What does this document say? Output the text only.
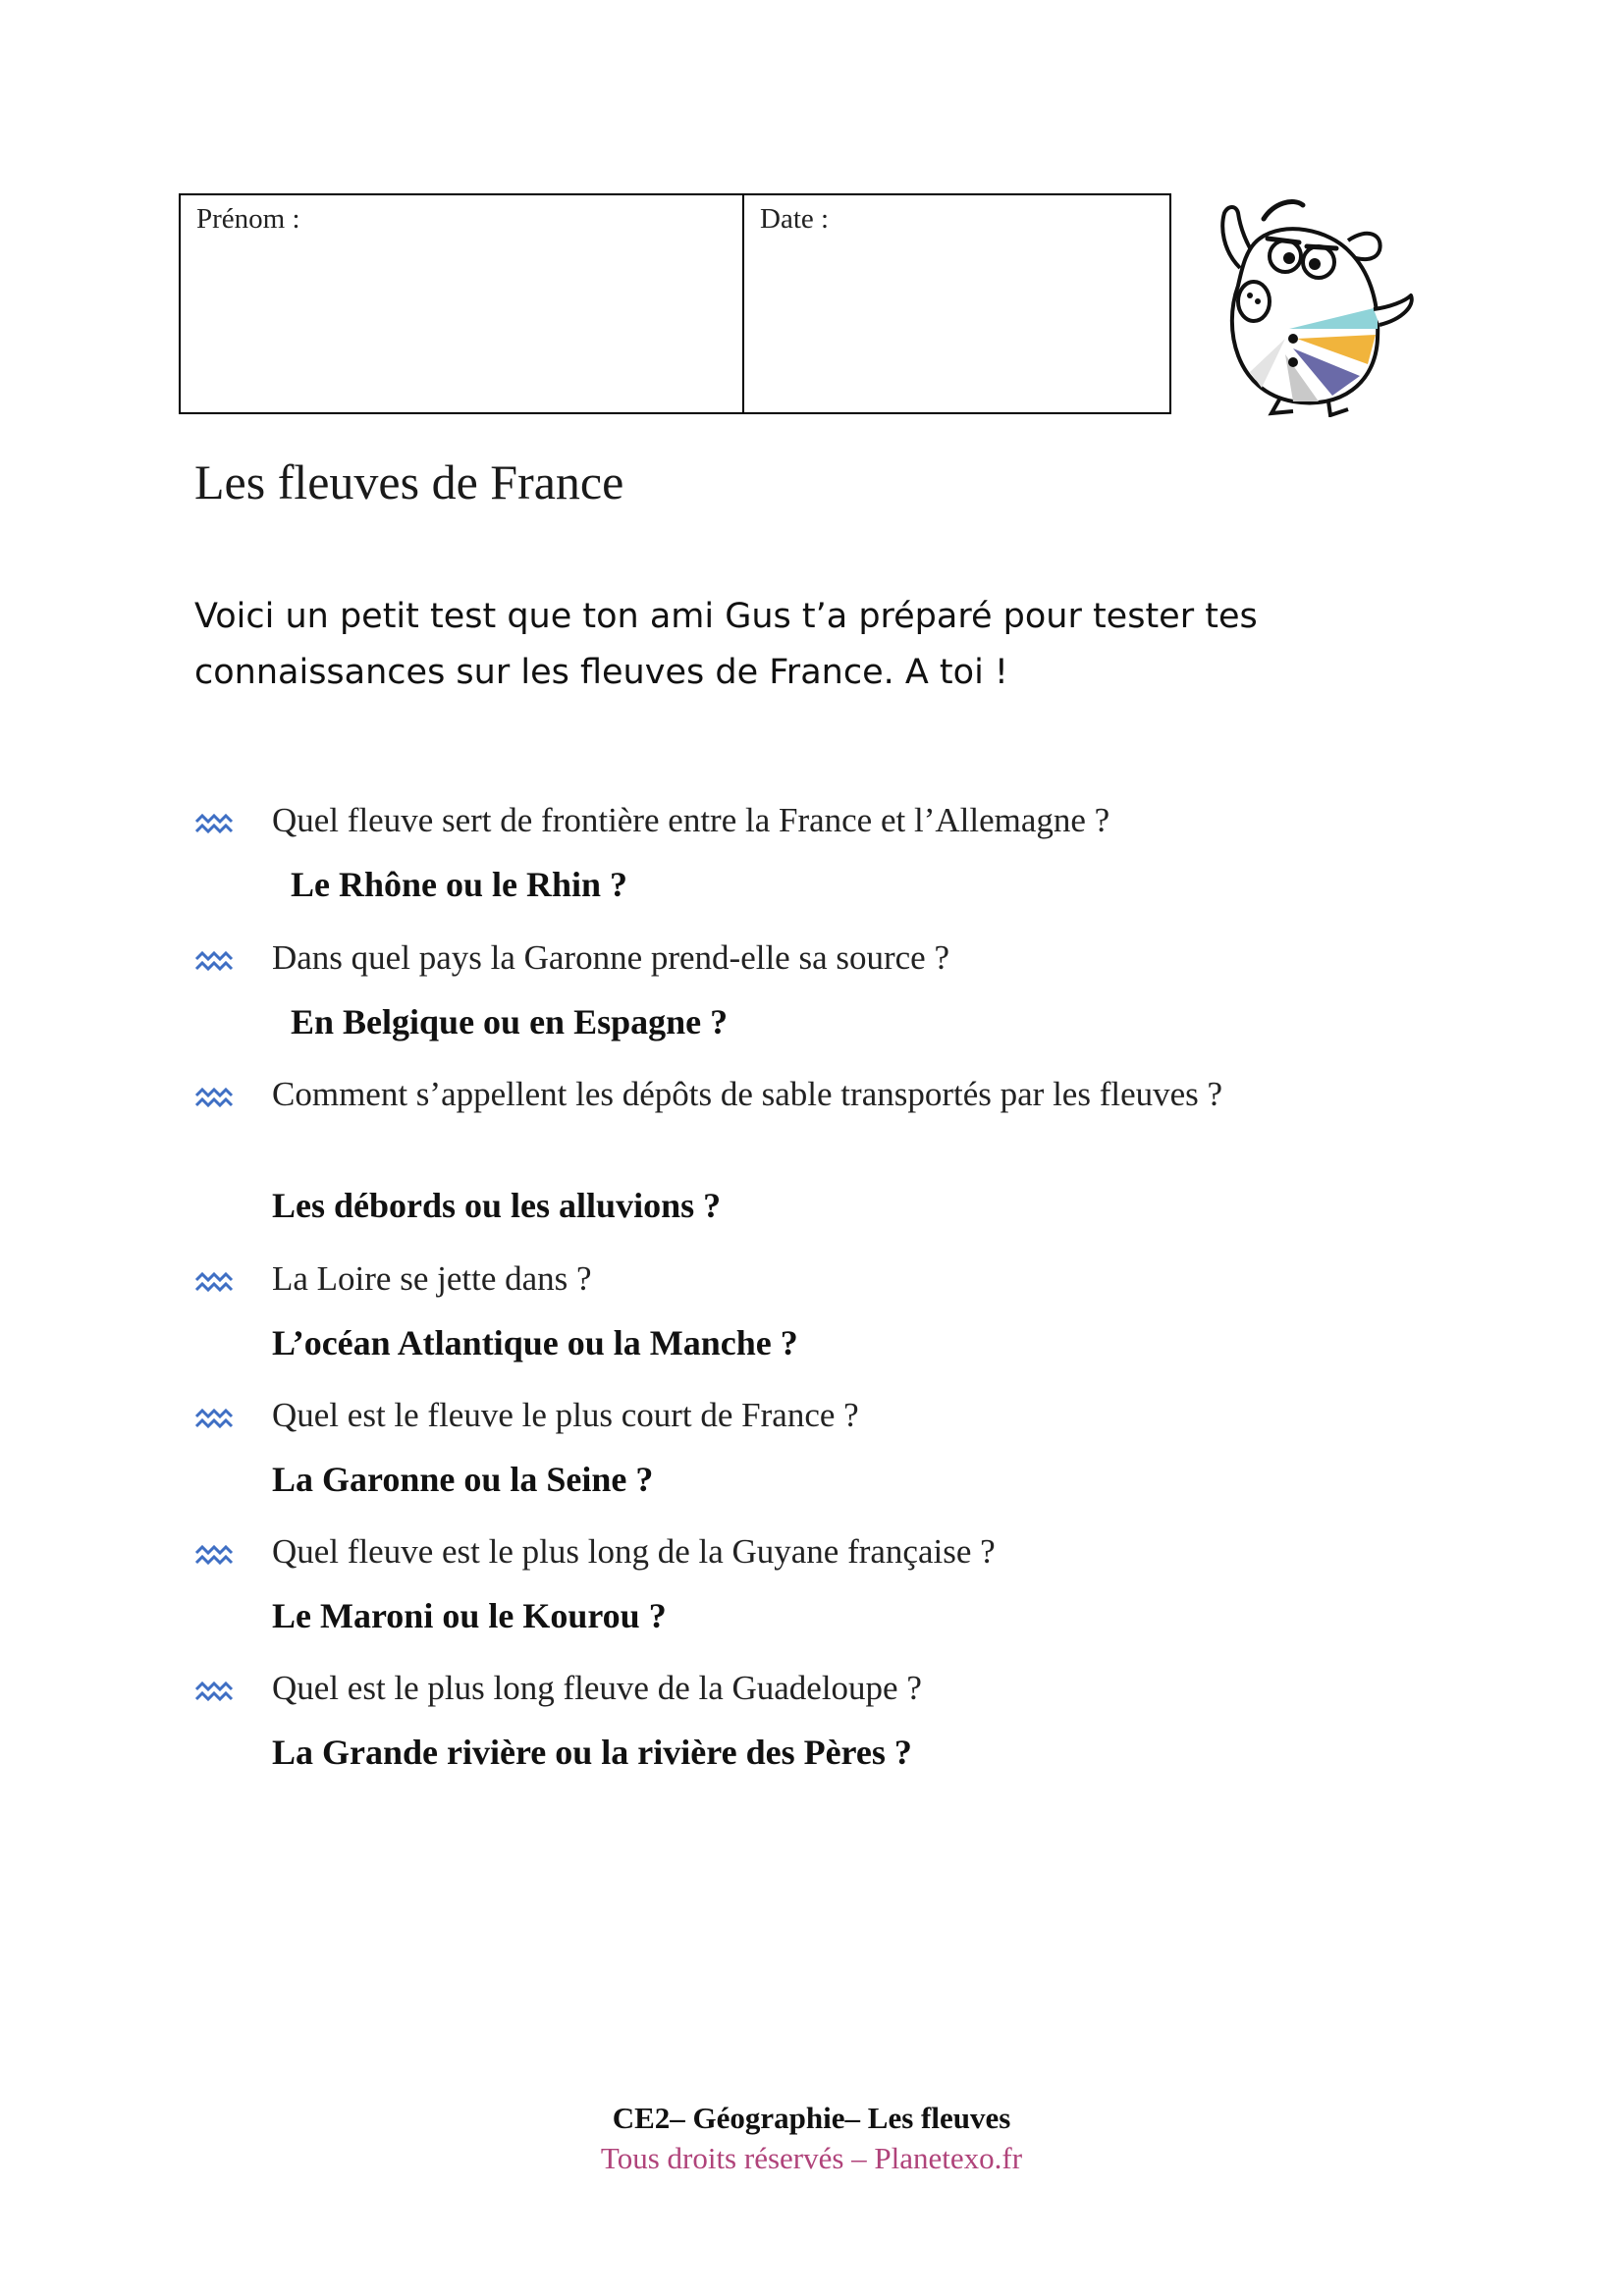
Prénom :	Date :
Les fleuves de France
Voici un petit test que ton ami Gus t’a préparé pour tester tes connaissances sur les fleuves de France. A toi !
Quel fleuve sert de frontière entre la France et l’Allemagne ?
Le Rhône ou le Rhin ?
Dans quel pays la Garonne prend-elle sa source ?
En Belgique ou en Espagne ?
Comment s’appellent les dépôts de sable transportés par les fleuves ?
Les débords ou les alluvions ?
La Loire se jette dans ?
L’océan Atlantique ou la Manche ?
Quel est le fleuve le plus court de France ?
La Garonne ou la Seine ?
Quel fleuve est le plus long de la Guyane française ?
Le Maroni ou le Kourou ?
Quel est le plus long fleuve de la Guadeloupe ?
La Grande rivière ou la rivière des Pères ?
CE2– Géographie– Les fleuves
Tous droits réservés – Planetexo.fr
